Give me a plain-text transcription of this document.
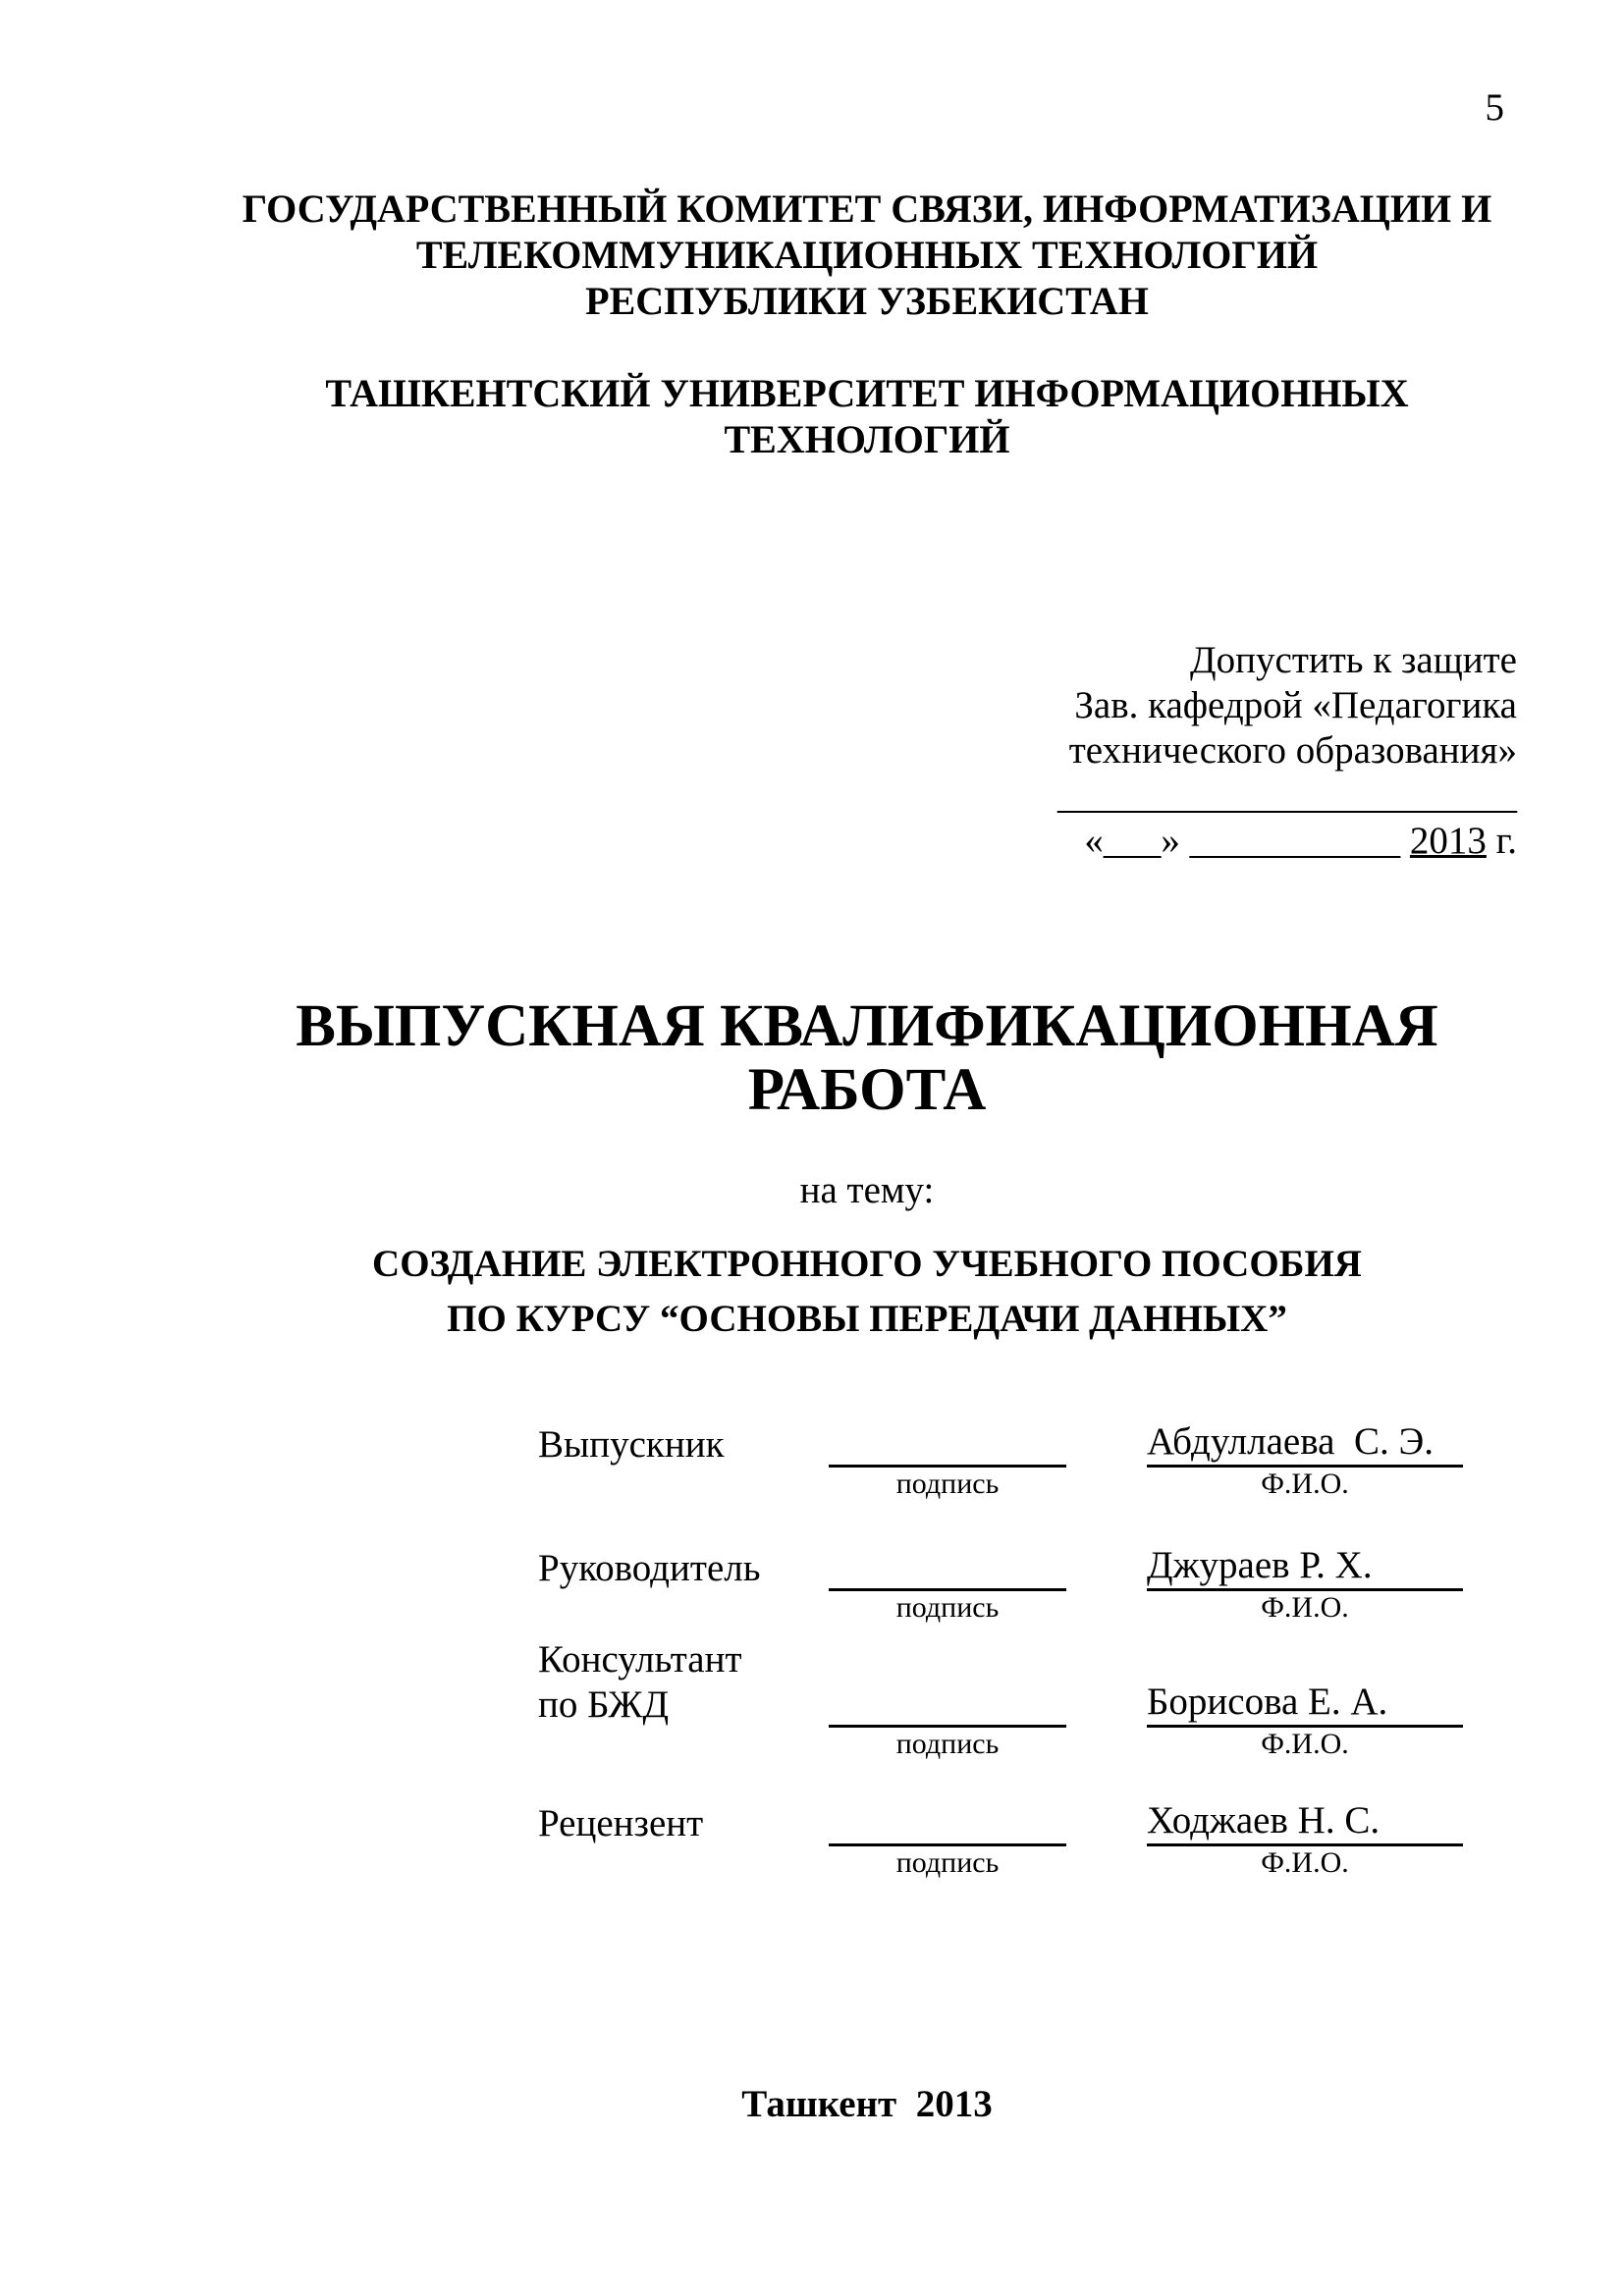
5
ГОСУДАРСТВЕННЫЙ КОМИТЕТ СВЯЗИ, ИНФОРМАТИЗАЦИИ И
ТЕЛЕКОММУНИКАЦИОННЫХ ТЕХНОЛОГИЙ
РЕСПУБЛИКИ УЗБЕКИСТАН
ТАШКЕНТСКИЙ УНИВЕРСИТЕТ ИНФОРМАЦИОННЫХ
ТЕХНОЛОГИЙ
Допустить к защите
Зав. кафедрой «Педагогика
технического образования»
________________________
«___» ___________ 2013 г.
ВЫПУСКНАЯ КВАЛИФИКАЦИОННАЯ
РАБОТА
на тему:
СОЗДАНИЕ ЭЛЕКТРОННОГО УЧЕБНОГО ПОСОБИЯ
ПО КУРСУ “ОСНОВЫ ПЕРЕДАЧИ ДАННЫХ”
Выпускник	Абдуллаева  С. Э.
подпись	Ф.И.О.
Руководитель	Джураев Р. Х.
подпись	Ф.И.О.
Консультант
по БЖД	Борисова Е. А.
подпись	Ф.И.О.
Рецензент	Ходжаев Н. С.
подпись	Ф.И.О.
Ташкент  2013
